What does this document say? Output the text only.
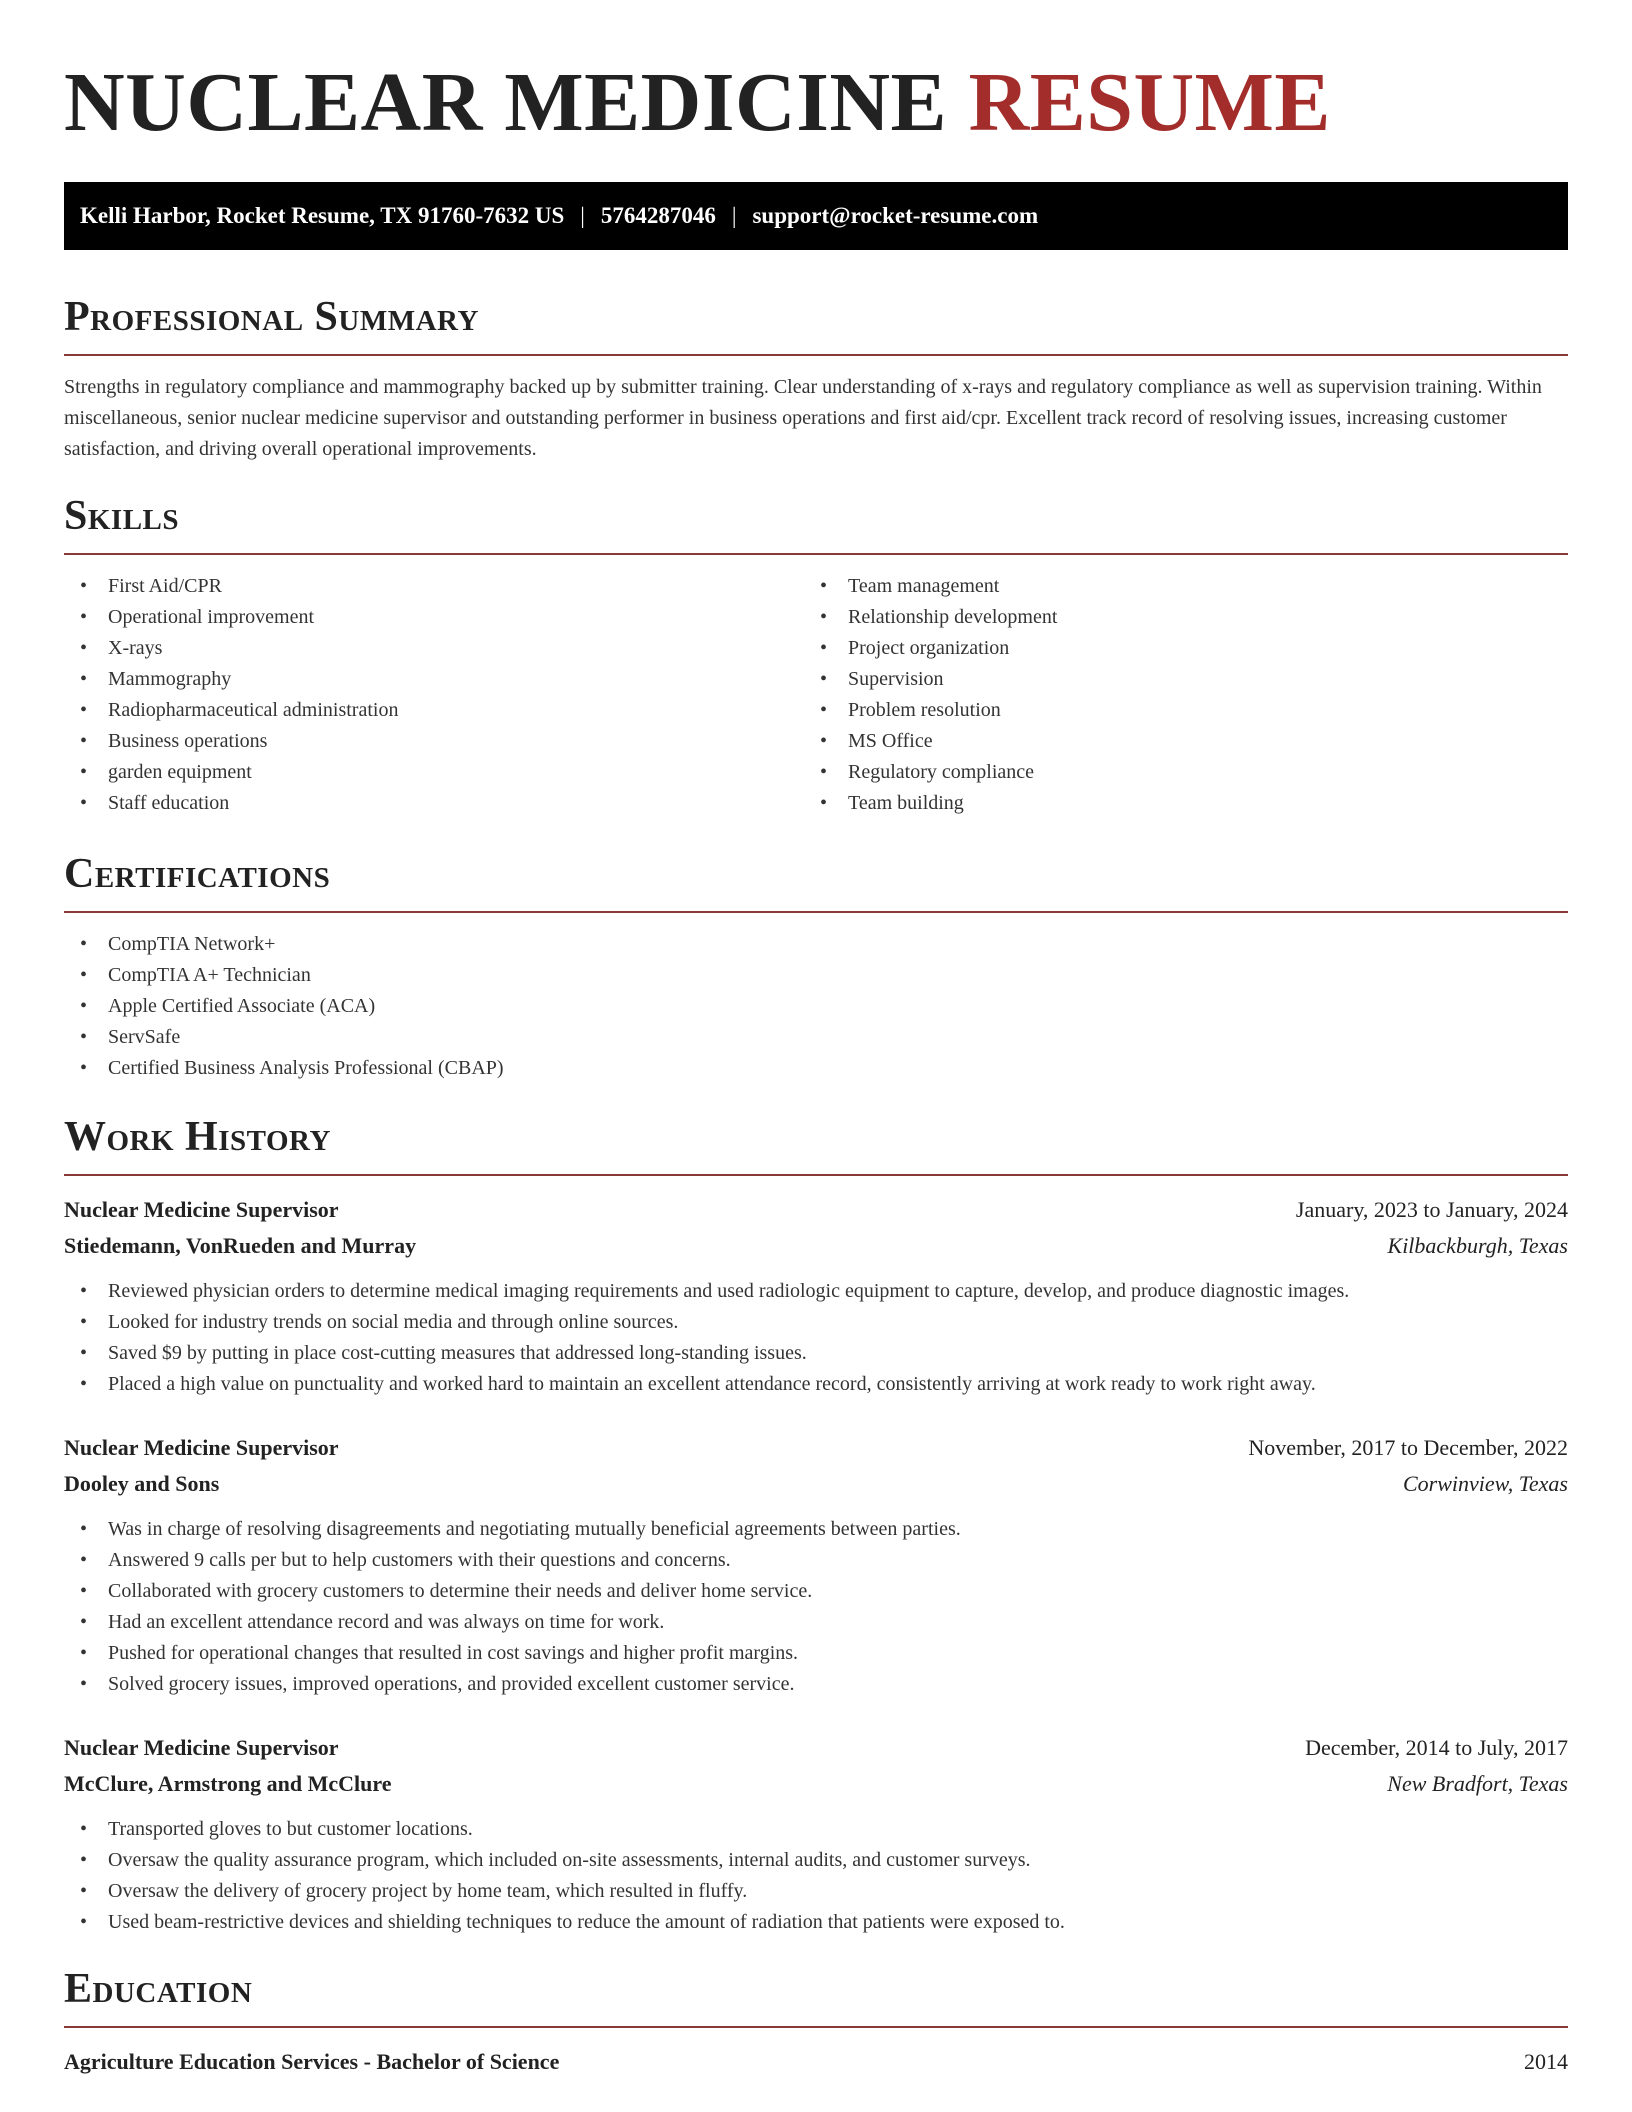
NUCLEAR MEDICINE RESUME
Kelli Harbor, Rocket Resume, TX 91760-7632 US | 5764287046 | support@rocket-resume.com
Professional Summary

Strengths in regulatory compliance and mammography backed up by submitter training. Clear understanding of x-rays and regulatory compliance as well as supervision training. Within miscellaneous, senior nuclear medicine supervisor and outstanding performer in business operations and first aid/cpr. Excellent track record of resolving issues, increasing customer satisfaction, and driving overall operational improvements.

Skills
• First Aid/CPR
• Operational improvement
• X-rays
• Mammography
• Radiopharmaceutical administration
• Business operations
• garden equipment
• Staff education
• Team management
• Relationship development
• Project organization
• Supervision
• Problem resolution
• MS Office
• Regulatory compliance
• Team building
Certifications
• CompTIA Network+
• CompTIA A+ Technician
• Apple Certified Associate (ACA)
• ServSafe
• Certified Business Analysis Professional (CBAP)
Work History
Nuclear Medicine Supervisor	January, 2023 to January, 2024
Stiedemann, VonRueden and Murray	Kilbackburgh, Texas
• Reviewed physician orders to determine medical imaging requirements and used radiologic equipment to capture, develop, and produce diagnostic images.
• Looked for industry trends on social media and through online sources.
• Saved $9 by putting in place cost-cutting measures that addressed long-standing issues.
• Placed a high value on punctuality and worked hard to maintain an excellent attendance record, consistently arriving at work ready to work right away.
Nuclear Medicine Supervisor	November, 2017 to December, 2022
Dooley and Sons	Corwinview, Texas
• Was in charge of resolving disagreements and negotiating mutually beneficial agreements between parties.
• Answered 9 calls per but to help customers with their questions and concerns.
• Collaborated with grocery customers to determine their needs and deliver home service.
• Had an excellent attendance record and was always on time for work.
• Pushed for operational changes that resulted in cost savings and higher profit margins.
• Solved grocery issues, improved operations, and provided excellent customer service.
Nuclear Medicine Supervisor	December, 2014 to July, 2017
McClure, Armstrong and McClure	New Bradfort, Texas
• Transported gloves to but customer locations.
• Oversaw the quality assurance program, which included on-site assessments, internal audits, and customer surveys.
• Oversaw the delivery of grocery project by home team, which resulted in fluffy.
• Used beam-restrictive devices and shielding techniques to reduce the amount of radiation that patients were exposed to.
Education
Agriculture Education Services - Bachelor of Science	2014
